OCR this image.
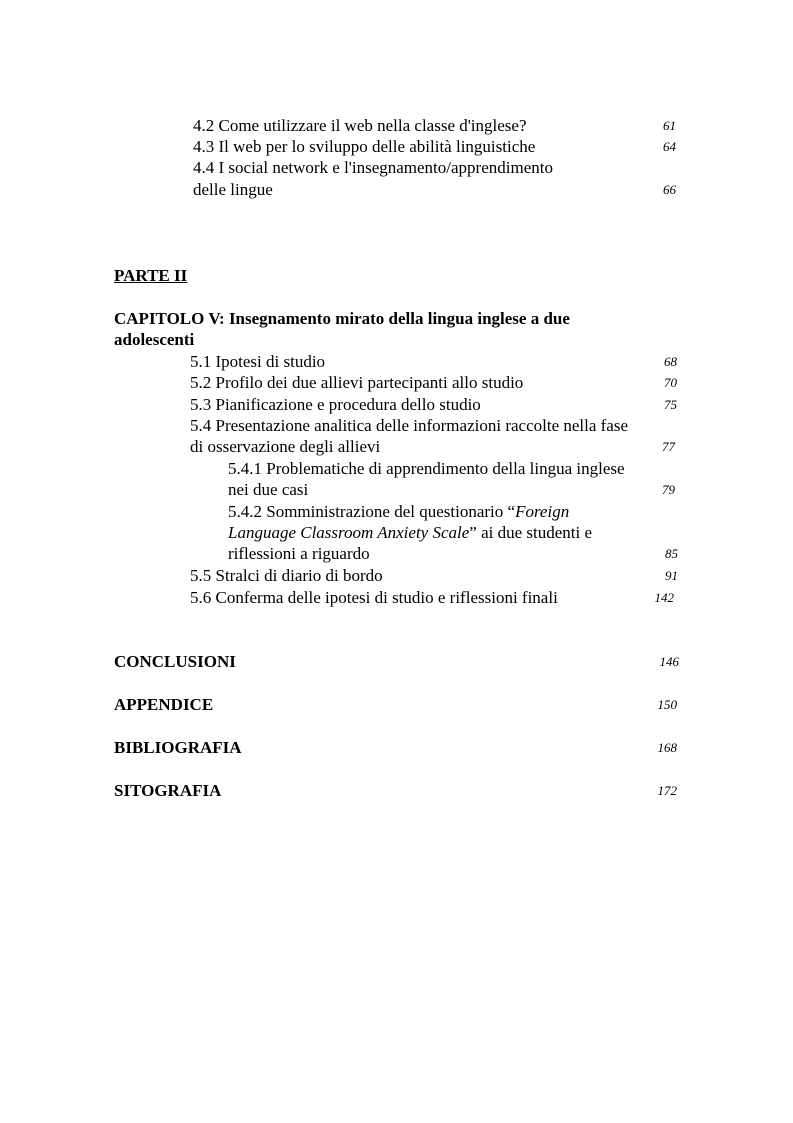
4.2 Come utilizzare il web nella classe d'inglese?	61
4.3 Il web per lo sviluppo delle abilità linguistiche	64
4.4 I social network e l'insegnamento/apprendimento
delle lingue	66
PARTE II
CAPITOLO V: Insegnamento mirato della lingua inglese a due
adolescenti
5.1 Ipotesi di studio	68
5.2 Profilo dei due allievi partecipanti allo studio	70
5.3 Pianificazione e procedura dello studio	75
5.4 Presentazione analitica delle informazioni raccolte nella fase
di osservazione degli allievi	77
5.4.1 Problematiche di apprendimento della lingua inglese
nei due casi	79
5.4.2 Somministrazione del questionario “Foreign
Language Classroom Anxiety Scale” ai due studenti e
riflessioni a riguardo	85
5.5 Stralci di diario di bordo	91
5.6 Conferma delle ipotesi di studio e riflessioni finali	142
CONCLUSIONI	146
APPENDICE	150
BIBLIOGRAFIA	168
SITOGRAFIA	172
